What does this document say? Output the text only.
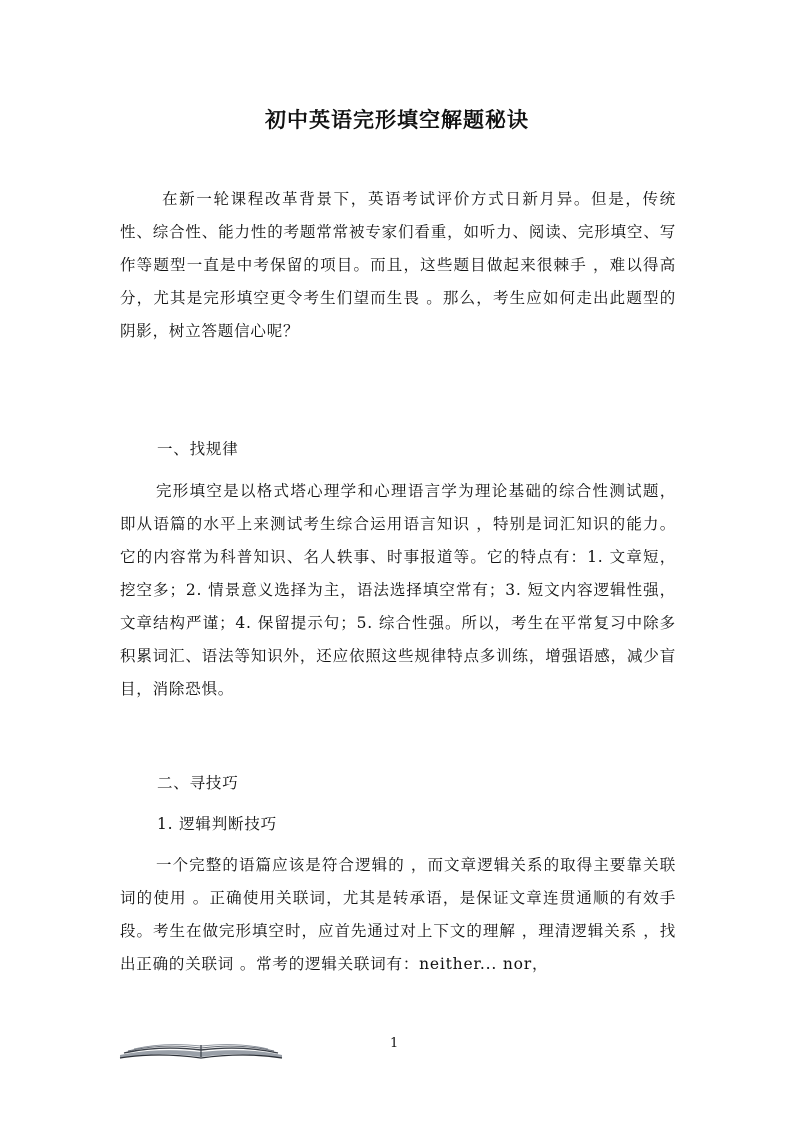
初中英语完形填空解题秘诀

在新一轮课程改革背景下，英语考试评价方式日新月异。但是，传统性、综合性、能力性的考题常常被专家们看重，如听力、阅读、完形填空、写作等题型一直是中考保留的项目。而且，这些题目做起来很棘手 ，难以得高分，尤其是完形填空更令考生们望而生畏 。那么，考生应如何走出此题型的阴影，树立答题信心呢？

一、找规律

完形填空是以格式塔心理学和心理语言学为理论基础的综合性测试题，即从语篇的水平上来测试考生综合运用语言知识 ，特别是词汇知识的能力。它的内容常为科普知识、名人轶事、时事报道等。它的特点有：1. 文章短，挖空多；2. 情景意义选择为主，语法选择填空常有；3. 短文内容逻辑性强，文章结构严谨；4. 保留提示句；5. 综合性强。所以，考生在平常复习中除多积累词汇、语法等知识外，还应依照这些规律特点多训练，增强语感，减少盲目，消除恐惧。

二、寻技巧

1. 逻辑判断技巧

一个完整的语篇应该是符合逻辑的 ，而文章逻辑关系的取得主要靠关联词的使用 。正确使用关联词，尤其是转承语，是保证文章连贯通顺的有效手段。考生在做完形填空时，应首先通过对上下文的理解 ，理清逻辑关系 ，找出正确的关联词 。常考的逻辑关联词有：neither... nor，

1
